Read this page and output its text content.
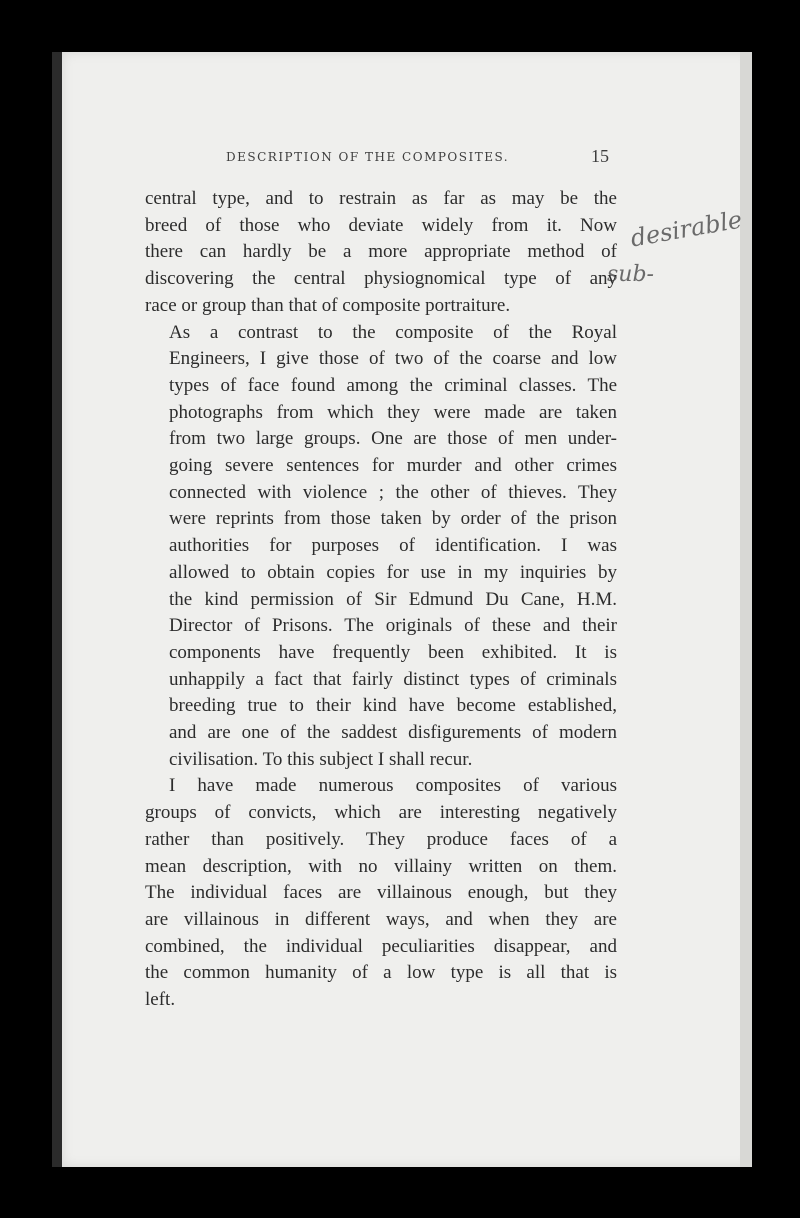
DESCRIPTION OF THE COMPOSITES.	15
desirable
sub-

central type, and to restrain as far as may be the
breed of those who deviate widely from it. Now
there can hardly be a more appropriate method of
discovering the central physiognomical type of any
race or group than that of composite portraiture.

As a contrast to the composite of the Royal
Engineers, I give those of two of the coarse and low
types of face found among the criminal classes. The
photographs from which they were made are taken
from two large groups. One are those of men under-
going severe sentences for murder and other crimes
connected with violence ; the other of thieves. They
were reprints from those taken by order of the prison
authorities for purposes of identification. I was
allowed to obtain copies for use in my inquiries by
the kind permission of Sir Edmund Du Cane, H.M.
Director of Prisons. The originals of these and their
components have frequently been exhibited. It is
unhappily a fact that fairly distinct types of criminals
breeding true to their kind have become established,
and are one of the saddest disfigurements of modern
civilisation. To this subject I shall recur.

I have made numerous composites of various
groups of convicts, which are interesting negatively
rather than positively. They produce faces of a
mean description, with no villainy written on them.
The individual faces are villainous enough, but they
are villainous in different ways, and when they are
combined, the individual peculiarities disappear, and
the common humanity of a low type is all that is
left.
